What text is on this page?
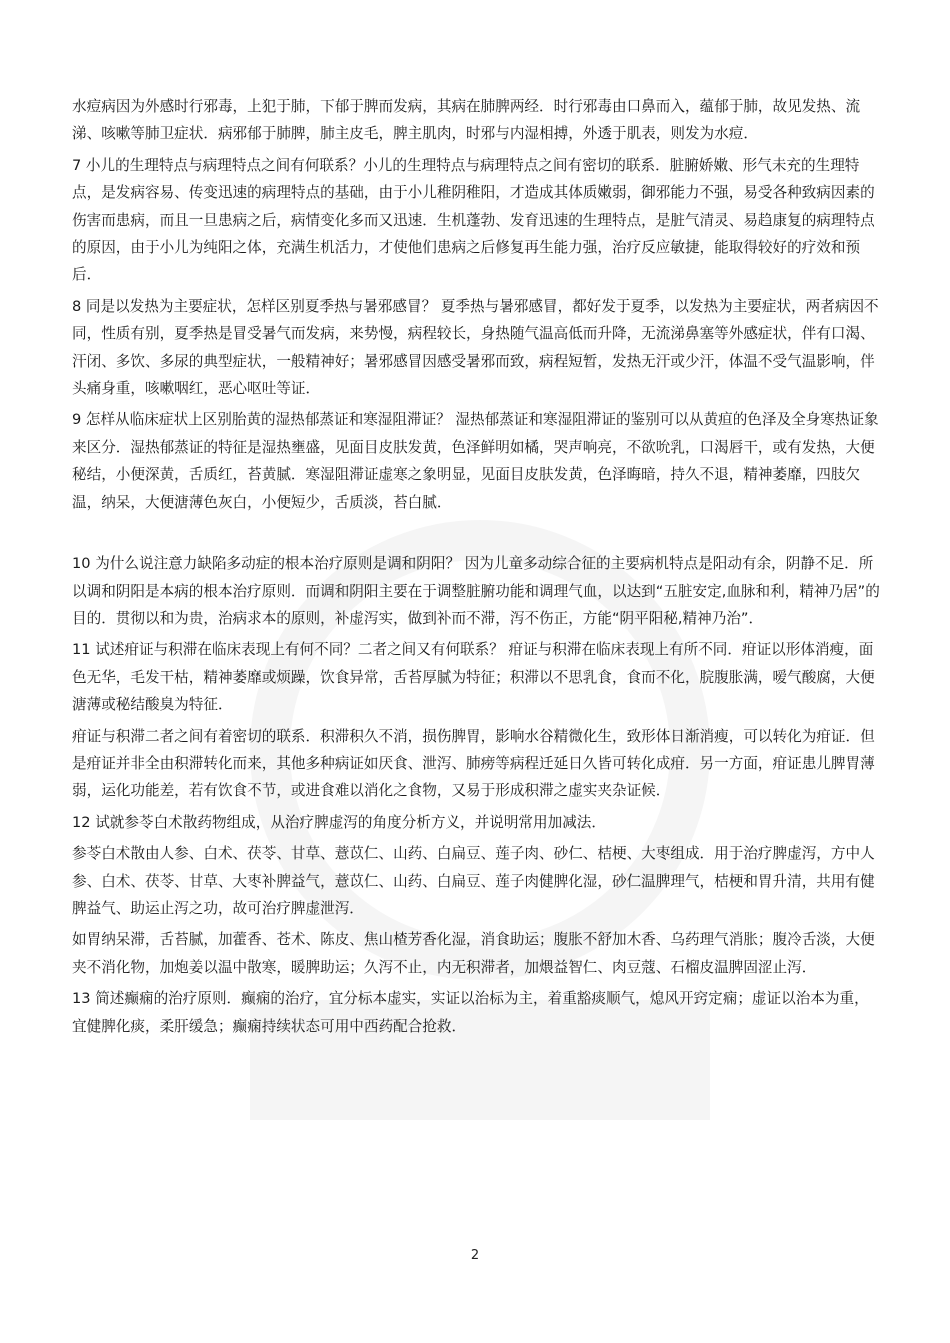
水痘病因为外感时行邪毒，上犯于肺，下郁于脾而发病，其病在肺脾两经．时行邪毒由口鼻而入，蕴郁于肺，故见发热、流涕、咳嗽等肺卫症状．病邪郁于肺脾，肺主皮毛，脾主肌肉，时邪与内湿相搏，外透于肌表，则发为水痘．

7 小儿的生理特点与病理特点之间有何联系？小儿的生理特点与病理特点之间有密切的联系．脏腑娇嫩、形气未充的生理特点，是发病容易、传变迅速的病理特点的基础，由于小儿稚阴稚阳，才造成其体质嫩弱，御邪能力不强，易受各种致病因素的伤害而患病，而且一旦患病之后，病情变化多而又迅速．生机蓬勃、发育迅速的生理特点，是脏气清灵、易趋康复的病理特点的原因，由于小儿为纯阳之体，充满生机活力，才使他们患病之后修复再生能力强，治疗反应敏捷，能取得较好的疗效和预后．

8 同是以发热为主要症状，怎样区别夏季热与暑邪感冒？ 夏季热与暑邪感冒，都好发于夏季，以发热为主要症状，两者病因不同，性质有别，夏季热是冒受暑气而发病，来势慢，病程较长，身热随气温高低而升降，无流涕鼻塞等外感症状，伴有口渴、汗闭、多饮、多尿的典型症状，一般精神好；暑邪感冒因感受暑邪而致，病程短暂，发热无汗或少汗，体温不受气温影响，伴头痛身重，咳嗽咽红，恶心呕吐等证．

9 怎样从临床症状上区别胎黄的湿热郁蒸证和寒湿阻滞证？ 湿热郁蒸证和寒湿阻滞证的鉴别可以从黄疸的色泽及全身寒热证象来区分．湿热郁蒸证的特征是湿热壅盛，见面目皮肤发黄，色泽鲜明如橘，哭声响亮，不欲吮乳，口渴唇干，或有发热，大便秘结，小便深黄，舌质红，苔黄腻．寒湿阻滞证虚寒之象明显，见面目皮肤发黄，色泽晦暗，持久不退，精神萎靡，四肢欠温，纳呆，大便溏薄色灰白，小便短少，舌质淡，苔白腻．

10 为什么说注意力缺陷多动症的根本治疗原则是调和阴阳？ 因为儿童多动综合征的主要病机特点是阳动有余，阴静不足．所以调和阴阳是本病的根本治疗原则．而调和阴阳主要在于调整脏腑功能和调理气血，以达到“五脏安定,血脉和利，精神乃居”的目的．贯彻以和为贵，治病求本的原则，补虚泻实，做到补而不滞，泻不伤正，方能“阴平阳秘,精神乃治”．

11 试述疳证与积滞在临床表现上有何不同？二者之间又有何联系？ 疳证与积滞在临床表现上有所不同．疳证以形体消瘦，面色无华，毛发干枯，精神萎靡或烦躁，饮食异常，舌苔厚腻为特征；积滞以不思乳食，食而不化，脘腹胀满，嗳气酸腐，大便溏薄或秘结酸臭为特征．

疳证与积滞二者之间有着密切的联系．积滞积久不消，损伤脾胃，影响水谷精微化生，致形体日渐消瘦，可以转化为疳证．但是疳证并非全由积滞转化而来，其他多种病证如厌食、泄泻、肺痨等病程迁延日久皆可转化成疳．另一方面，疳证患儿脾胃薄弱，运化功能差，若有饮食不节，或进食难以消化之食物，又易于形成积滞之虚实夹杂证候．

12 试就参苓白术散药物组成，从治疗脾虚泻的角度分析方义，并说明常用加减法．

参苓白术散由人参、白术、茯苓、甘草、薏苡仁、山药、白扁豆、莲子肉、砂仁、桔梗、大枣组成．用于治疗脾虚泻，方中人参、白术、茯苓、甘草、大枣补脾益气，薏苡仁、山药、白扁豆、莲子肉健脾化湿，砂仁温脾理气，桔梗和胃升清，共用有健脾益气、助运止泻之功，故可治疗脾虚泄泻．

如胃纳呆滞，舌苔腻，加藿香、苍术、陈皮、焦山楂芳香化湿，消食助运；腹胀不舒加木香、乌药理气消胀；腹冷舌淡，大便夹不消化物，加炮姜以温中散寒，暖脾助运；久泻不止，内无积滞者，加煨益智仁、肉豆蔻、石榴皮温脾固涩止泻．

13 简述癫痫的治疗原则．癫痫的治疗，宜分标本虚实，实证以治标为主，着重豁痰顺气，熄风开窍定痫；虚证以治本为重，宜健脾化痰，柔肝缓急；癫痫持续状态可用中西药配合抢救．

2
